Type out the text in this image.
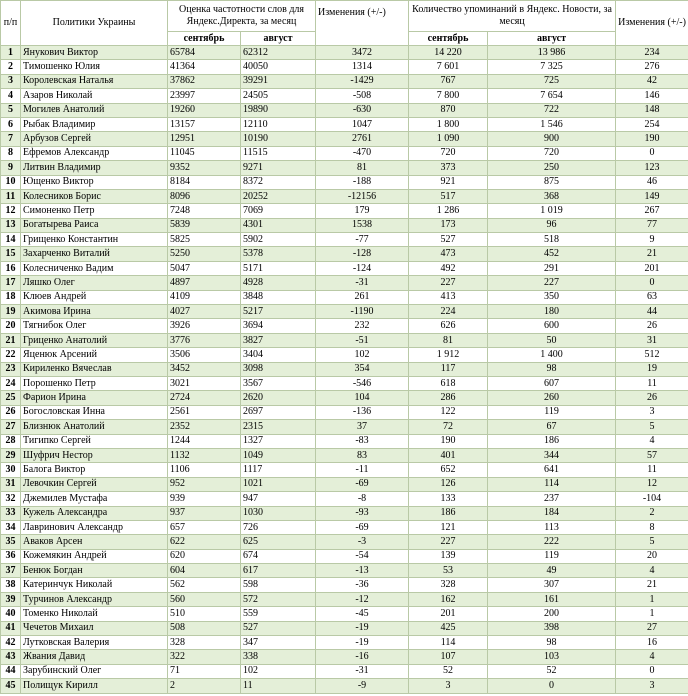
п/п	Политики Украины	Оценка частотности слов для Яндекс.Директа, за месяц		Изменения (+/-)	Количество упоминаний в Яндекс. Новости, за месяц		Изменения (+/-)
		сентябрь	август		сентябрь	август	
1	Янукович Виктор	65784	62312	3472	14 220	13 986	234
2	Тимошенко Юлия	41364	40050	1314	7 601	7 325	276
3	Королевская Наталья	37862	39291	-1429	767	725	42
4	Азаров Николай	23997	24505	-508	7 800	7 654	146
5	Могилев Анатолий	19260	19890	-630	870	722	148
6	Рыбак Владимир	13157	12110	1047	1 800	1 546	254
7	Арбузов Сергей	12951	10190	2761	1 090	900	190
8	Ефремов Александр	11045	11515	-470	720	720	0
9	Литвин Владимир	9352	9271	81	373	250	123
10	Ющенко Виктор	8184	8372	-188	921	875	46
11	Колесников Борис	8096	20252	-12156	517	368	149
12	Симоненко Петр	7248	7069	179	1 286	1 019	267
13	Богатырева Раиса	5839	4301	1538	173	96	77
14	Грищенко Константин	5825	5902	-77	527	518	9
15	Захарченко Виталий	5250	5378	-128	473	452	21
16	Колесниченко Вадим	5047	5171	-124	492	291	201
17	Ляшко Олег	4897	4928	-31	227	227	0
18	Клюев Андрей	4109	3848	261	413	350	63
19	Акимова Ирина	4027	5217	-1190	224	180	44
20	Тягнибок Олег	3926	3694	232	626	600	26
21	Гриценко Анатолий	3776	3827	-51	81	50	31
22	Яценюк Арсений	3506	3404	102	1 912	1 400	512
23	Кириленко Вячеслав	3452	3098	354	117	98	19
24	Порошенко Петр	3021	3567	-546	618	607	11
25	Фарион Ирина	2724	2620	104	286	260	26
26	Богословская Инна	2561	2697	-136	122	119	3
27	Близнюк Анатолий	2352	2315	37	72	67	5
28	Тигипко Сергей	1244	1327	-83	190	186	4
29	Шуфрич Нестор	1132	1049	83	401	344	57
30	Балога Виктор	1106	1117	-11	652	641	11
31	Левочкин Сергей	952	1021	-69	126	114	12
32	Джемилев Мустафа	939	947	-8	133	237	-104
33	Кужель Александра	937	1030	-93	186	184	2
34	Лавринович Александр	657	726	-69	121	113	8
35	Аваков Арсен	622	625	-3	227	222	5
36	Кожемякин Андрей	620	674	-54	139	119	20
37	Бенюк Богдан	604	617	-13	53	49	4
38	Катеринчук Николай	562	598	-36	328	307	21
39	Турчинов Александр	560	572	-12	162	161	1
40	Томенко Николай	510	559	-45	201	200	1
41	Чечетов Михаил	508	527	-19	425	398	27
42	Лутковская Валерия	328	347	-19	114	98	16
43	Жвания Давид	322	338	-16	107	103	4
44	Зарубинский Олег	71	102	-31	52	52	0
45	Полищук Кирилл	2	11	-9	3	0	3
